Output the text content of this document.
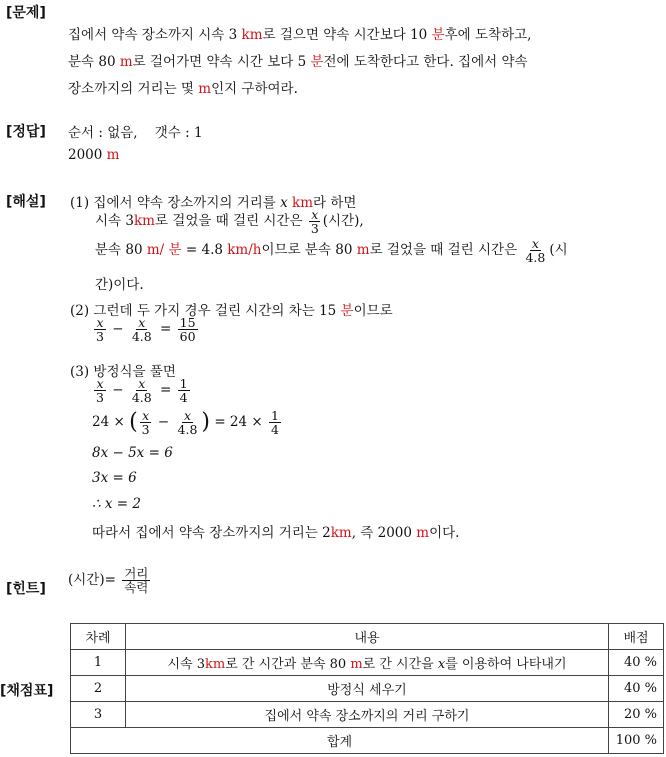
[문제]
[정답]
[해설]
[힌트]
[채점표]
집에서 약속 장소까지 시속 3 km로 걸으면 약속 시간보다 10 분후에 도착하고,
분속 80 m로 걸어가면 약속 시간 보다 5 분전에 도착한다고 한다. 집에서 약속
장소까지의 거리는 몇 m인지 구하여라.
순서 : 없음, 갯수 : 1
2000 m
(1) 집에서 약속 장소까지의 거리를 x km라 하면
시속 3km로 걸었을 때 걸린 시간은 $\frac{x}{3}$ (시간),
분속 80 m/ 분 = 4.8 km/h이므로 분속 80 m로 걸었을 때 걸린 시간은 $\frac{x}{4.8}$ (시
간)이다.
(2) 그런데 두 가지 경우 걸린 시간의 차는 15 분이므로
$\frac{x}{3} - \frac{x}{4.8} = \frac{15}{60}$
(3) 방정식을 풀면
$\frac{x}{3} - \frac{x}{4.8} = \frac{1}{4}$
24 × ( $\frac{x}{3} - \frac{x}{4.8}$ ) = $24 \times \frac{1}{4}$
8x − 5x = 6
3x = 6
∴ x = 2
따라서 집에서 약속 장소까지의 거리는 2km, 즉 2000 m이다.
(시간)= $\frac{\text{거리}}{\text{속력}}$
차례	내용	배점
1	시속 3km로 간 시간과 분속 80 m로 간 시간을 x를 이용하여 나타내기	40 %
2	방정식 세우기	40 %
3	집에서 약속 장소까지의 거리 구하기	20 %
합계		100 %
